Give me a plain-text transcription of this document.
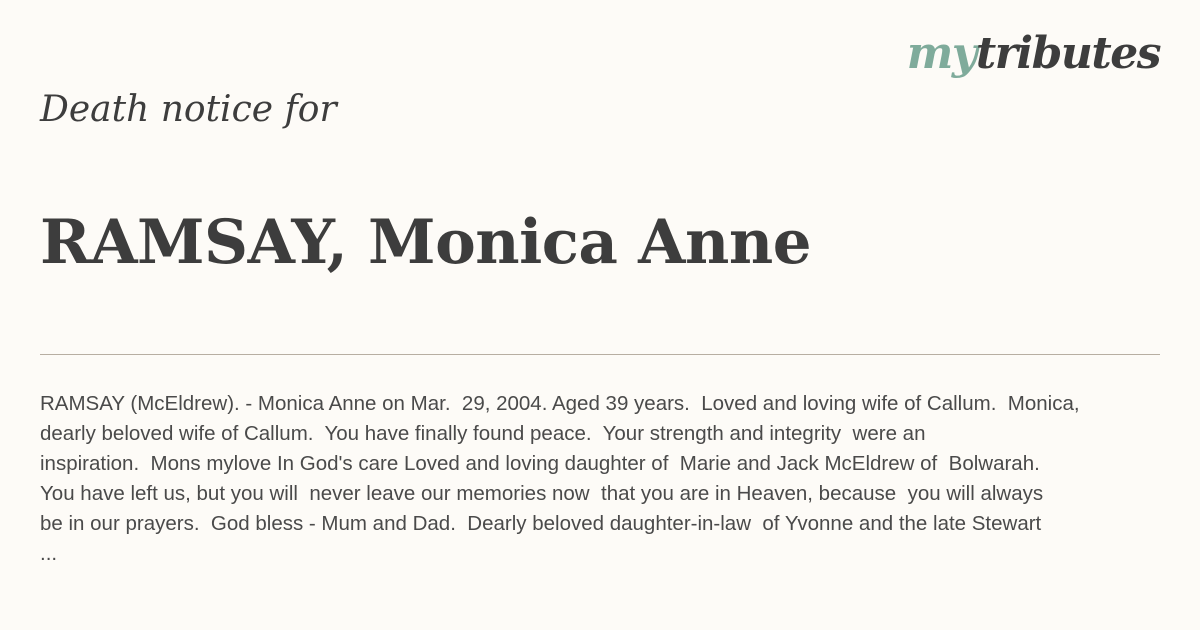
mytributes
Death notice for
RAMSAY, Monica Anne
RAMSAY (McEldrew). - Monica Anne on Mar.  29, 2004. Aged 39 years.  Loved and loving wife of Callum.  Monica,
dearly beloved wife of Callum.  You have finally found peace.  Your strength and integrity  were an
inspiration.  Mons mylove In God's care Loved and loving daughter of  Marie and Jack McEldrew of  Bolwarah.
You have left us, but you will  never leave our memories now  that you are in Heaven, because  you will always
be in our prayers.  God bless - Mum and Dad.  Dearly beloved daughter-in-law  of Yvonne and the late Stewart
...
